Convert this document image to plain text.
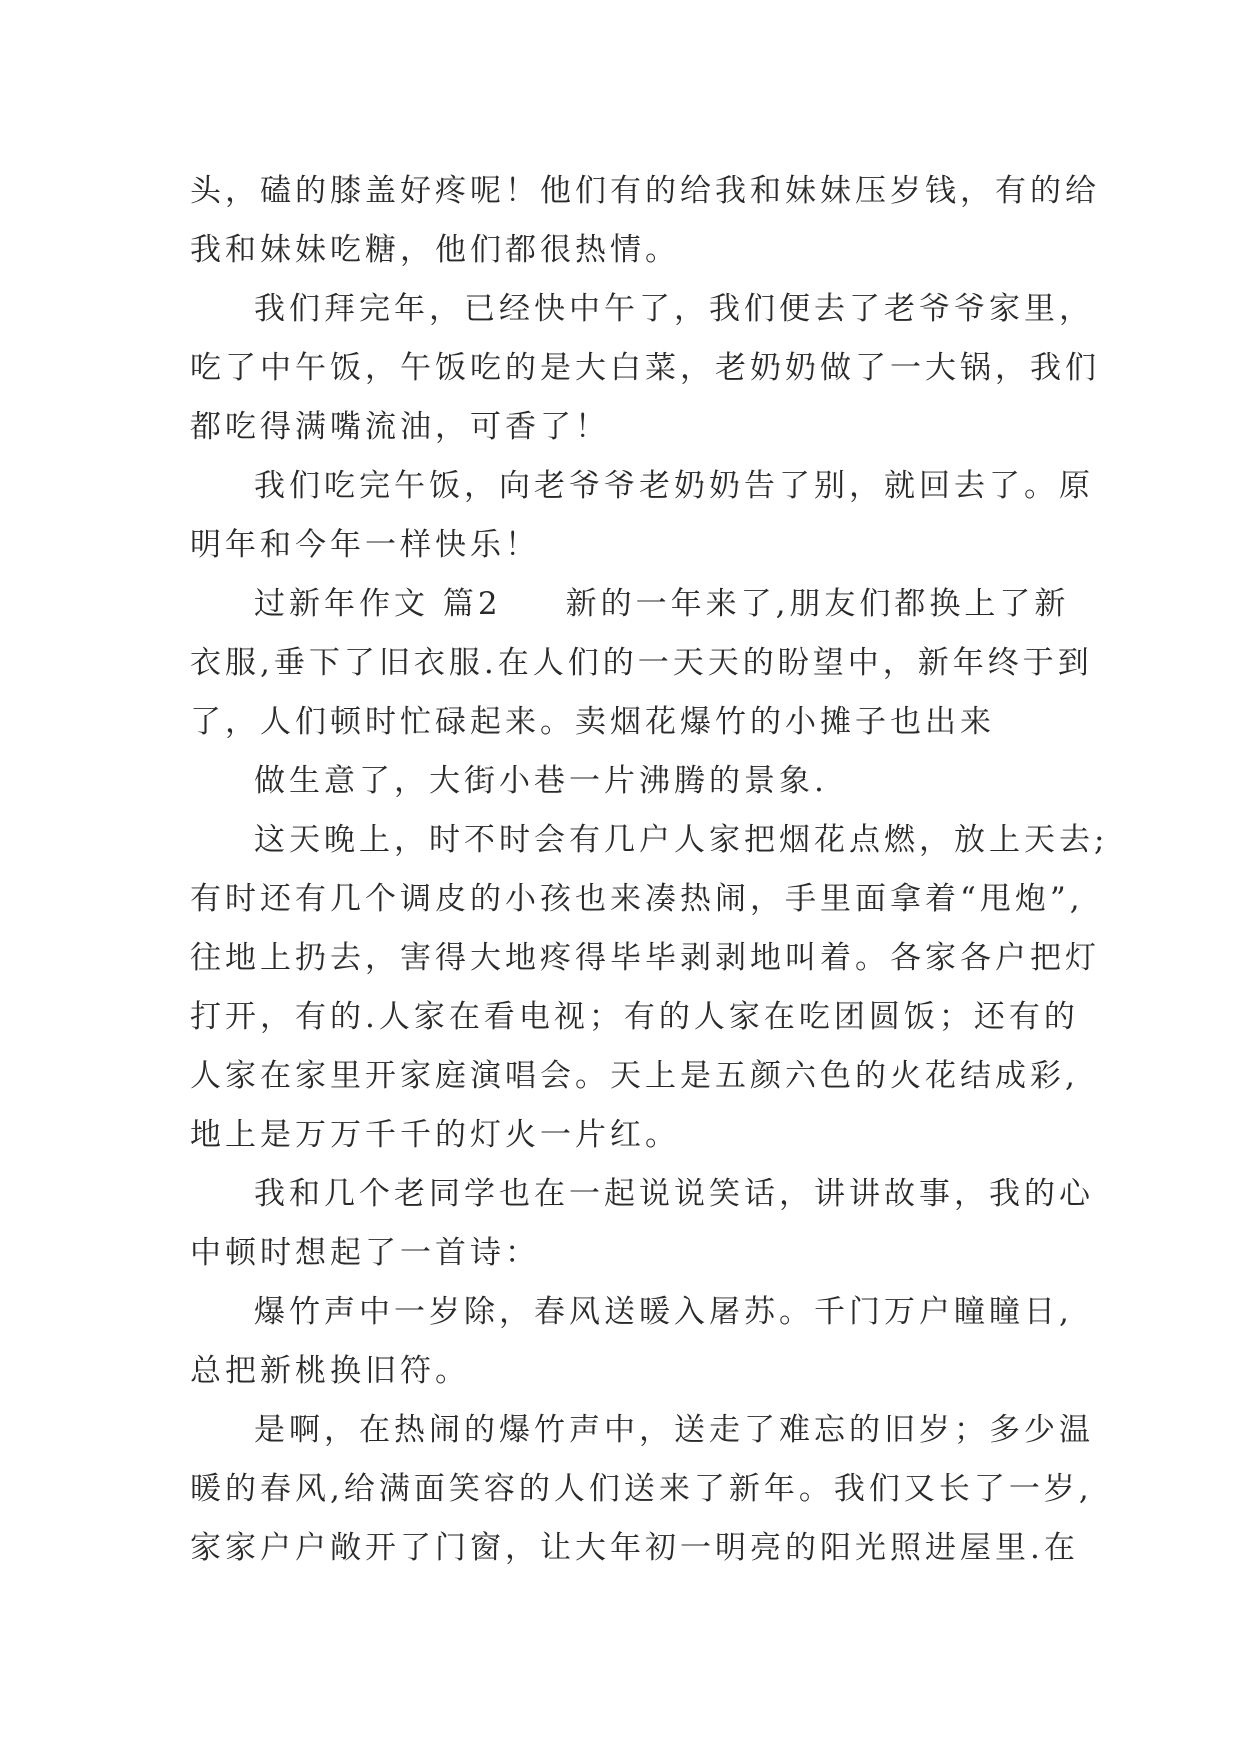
头，磕的膝盖好疼呢！他们有的给我和妹妹压岁钱，有的给
我和妹妹吃糖，他们都很热情。
我们拜完年，已经快中午了，我们便去了老爷爷家里，
吃了中午饭，午饭吃的是大白菜，老奶奶做了一大锅，我们
都吃得满嘴流油，可香了！
我们吃完午饭，向老爷爷老奶奶告了别，就回去了。原
明年和今年一样快乐！
过新年作文 篇2 新的一年来了,朋友们都换上了新
衣服,垂下了旧衣服.在人们的一天天的盼望中，新年终于到
了，人们顿时忙碌起来。卖烟花爆竹的小摊子也出来
做生意了，大街小巷一片沸腾的景象.
这天晚上，时不时会有几户人家把烟花点燃，放上天去;
有时还有几个调皮的小孩也来凑热闹，手里面拿着“甩炮”,
往地上扔去，害得大地疼得毕毕剥剥地叫着。各家各户把灯
打开，有的.人家在看电视；有的人家在吃团圆饭；还有的
人家在家里开家庭演唱会。天上是五颜六色的火花结成彩,
地上是万万千千的灯火一片红。
我和几个老同学也在一起说说笑话，讲讲故事，我的心
中顿时想起了一首诗：
爆竹声中一岁除，春风送暖入屠苏。千门万户瞳瞳日,
总把新桃换旧符。
是啊，在热闹的爆竹声中，送走了难忘的旧岁；多少温
暖的春风,给满面笑容的人们送来了新年。我们又长了一岁,
家家户户敞开了门窗，让大年初一明亮的阳光照进屋里.在
